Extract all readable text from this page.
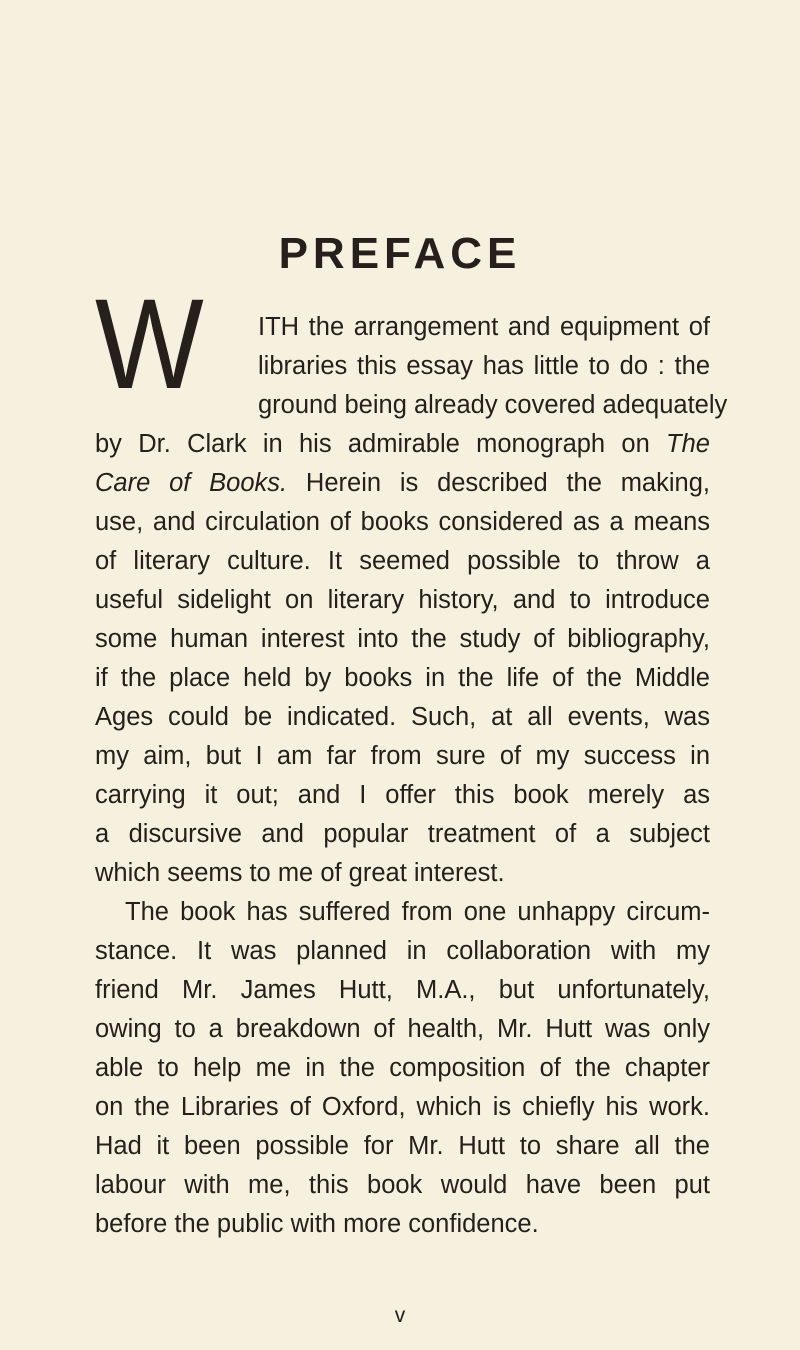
PREFACE
W ITH the arrangement and equipment of

libraries this essay has little to do : the

ground being already covered adequately

by Dr. Clark in his admirable monograph on The

Care of Books. Herein is described the making,

use, and circulation of books considered as a means

of literary culture. It seemed possible to throw a

useful sidelight on literary history, and to introduce

some human interest into the study of bibliography,

if the place held by books in the life of the Middle

Ages could be indicated. Such, at all events, was

my aim, but I am far from sure of my success in

carrying it out; and I offer this book merely as

a discursive and popular treatment of a subject

which seems to me of great interest.

The book has suffered from one unhappy circum-

stance. It was planned in collaboration with my

friend Mr. James Hutt, M.A., but unfortunately,

owing to a breakdown of health, Mr. Hutt was only

able to help me in the composition of the chapter

on the Libraries of Oxford, which is chiefly his work.

Had it been possible for Mr. Hutt to share all the

labour with me, this book would have been put

before the public with more confidence.

v
